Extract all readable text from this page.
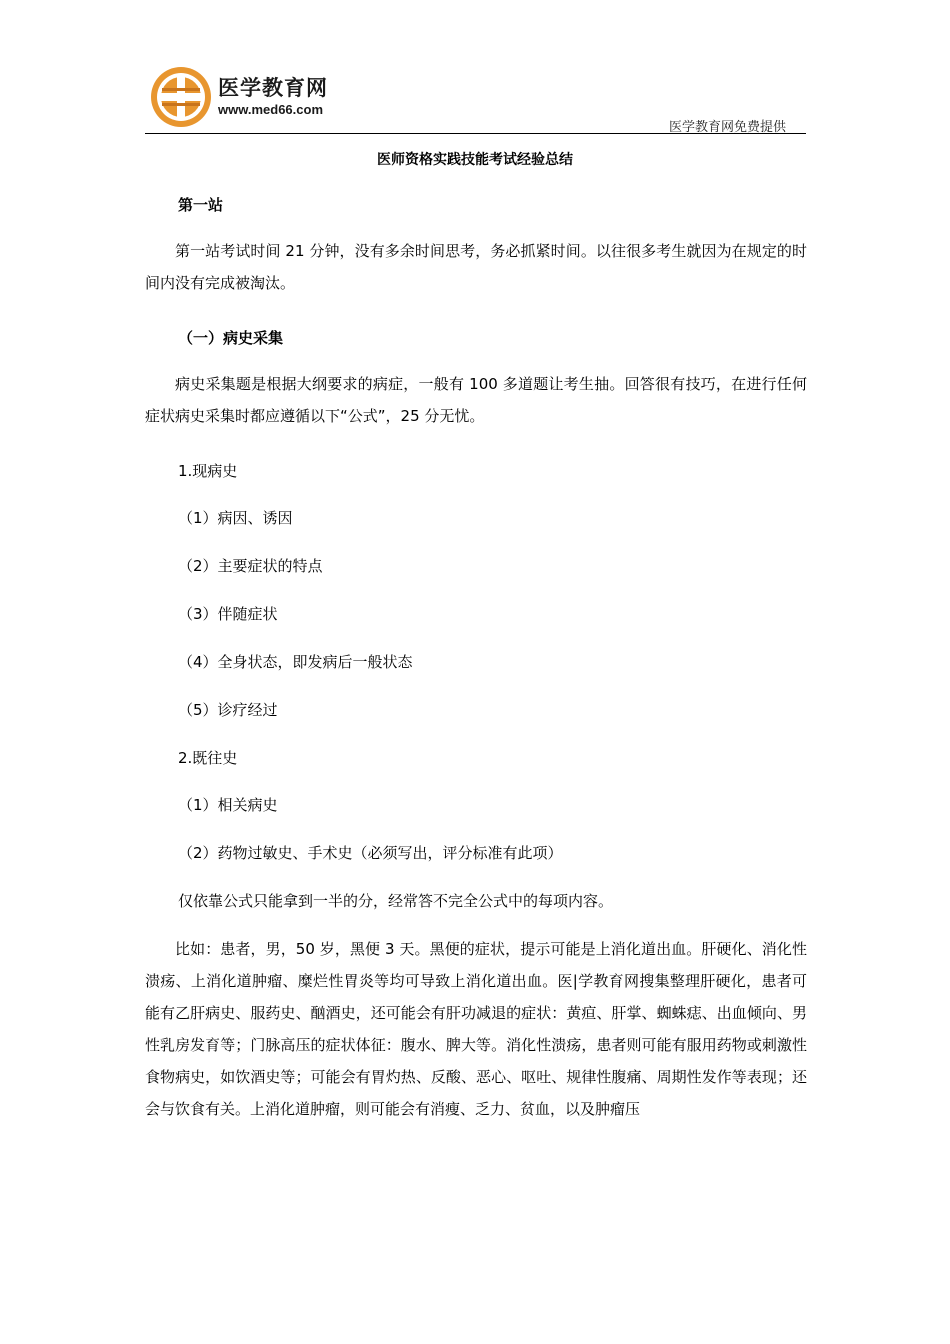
医学教育网
www.med66.com
医学教育网免费提供
医师资格实践技能考试经验总结
第一站
第一站考试时间 21 分钟，没有多余时间思考，务必抓紧时间。以往很多考生就因为在规定的时间内没有完成被淘汰。
（一）病史采集
病史采集题是根据大纲要求的病症，一般有 100 多道题让考生抽。回答很有技巧，在进行任何症状病史采集时都应遵循以下“公式”，25 分无忧。
1.现病史
（1）病因、诱因
（2）主要症状的特点
（3）伴随症状
（4）全身状态，即发病后一般状态
（5）诊疗经过
2.既往史
（1）相关病史
（2）药物过敏史、手术史（必须写出，评分标准有此项）
仅依靠公式只能拿到一半的分，经常答不完全公式中的每项内容。
比如：患者，男，50 岁，黑便 3 天。黑便的症状，提示可能是上消化道出血。肝硬化、消化性溃疡、上消化道肿瘤、糜烂性胃炎等均可导致上消化道出血。医|学教育网搜集整理肝硬化，患者可能有乙肝病史、服药史、酗酒史，还可能会有肝功减退的症状：黄疸、肝掌、蜘蛛痣、出血倾向、男性乳房发育等；门脉高压的症状体征：腹水、脾大等。消化性溃疡，患者则可能有服用药物或刺激性食物病史，如饮酒史等；可能会有胃灼热、反酸、恶心、呕吐、规律性腹痛、周期性发作等表现；还会与饮食有关。上消化道肿瘤，则可能会有消瘦、乏力、贫血，以及肿瘤压
